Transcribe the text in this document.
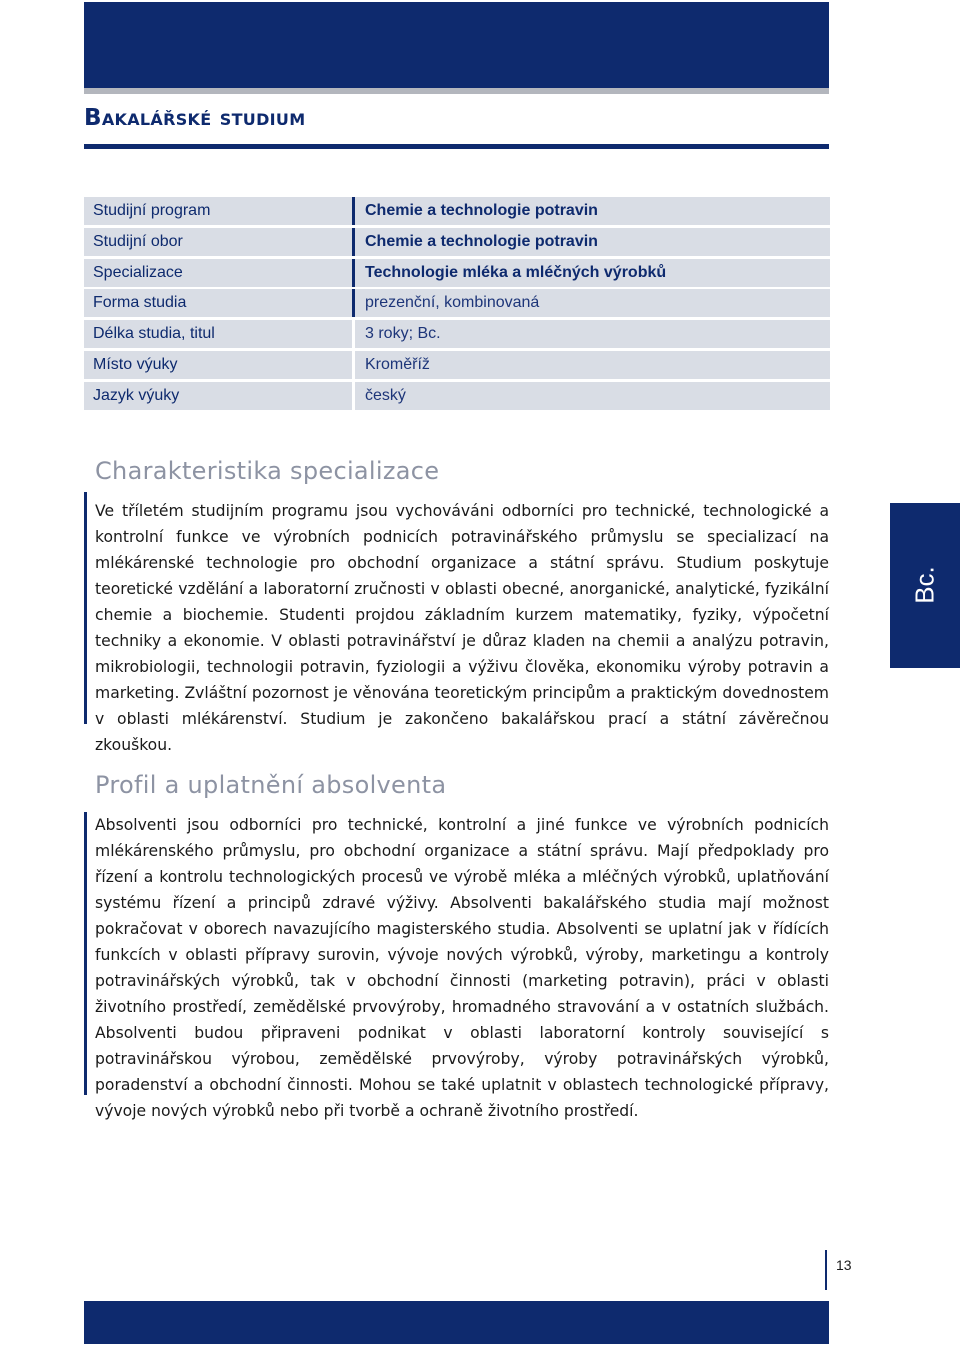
Bakalářské studium
Studijní program	Chemie a technologie potravin
Studijní obor	Chemie a technologie potravin
Specializace	Technologie mléka a mléčných výrobků
Forma studia	prezenční, kombinovaná
Délka studia, titul	3 roky; Bc.
Místo výuky	Kroměříž
Jazyk výuky	český
Charakteristika specializace
Ve tříletém studijním programu jsou vychováváni odborníci pro technické, technologické a kontrolní funkce ve výrobních podnicích potravinářského průmyslu se specializací na mlékárenské technologie pro obchodní organizace a státní správu. Studium poskytuje teoretické vzdělání a laboratorní zručnosti v oblasti obecné, anorganické, analytické, fyzikální chemie a biochemie. Studenti projdou základním kurzem matematiky, fyziky, výpočetní techniky a ekonomie. V oblasti potravinářství je důraz kladen na chemii a analýzu potravin, mikrobiologii, technologii potravin, fyziologii a výživu člověka, ekonomiku výroby potravin a marketing. Zvláštní pozornost je věnována teoretickým principům a praktickým dovednostem v oblasti mlékárenství. Studium je zakončeno bakalářskou prací a státní závěrečnou zkouškou.
Bc.
Profil a uplatnění absolventa
Absolventi jsou odborníci pro technické, kontrolní a jiné funkce ve výrobních podnicích mlékárenského průmyslu, pro obchodní organizace a státní správu. Mají předpoklady pro řízení a kontrolu technologických procesů ve výrobě mléka a mléčných výrobků, uplatňování systému řízení a principů zdravé výživy. Absolventi bakalářského studia mají možnost pokračovat v oborech navazujícího magisterského studia. Absolventi se uplatní jak v řídících funkcích v oblasti přípravy surovin, vývoje nových výrobků, výroby, marketingu a kontroly potravinářských výrobků, tak v obchodní činnosti (marketing potravin), práci v oblasti životního prostředí, zemědělské prvovýroby, hromadného stravování a v ostatních službách. Absolventi budou připraveni podnikat v oblasti laboratorní kontroly související s potravinářskou výrobou, zemědělské prvovýroby, výroby potravinářských výrobků, poradenství a obchodní činnosti. Mohou se také uplatnit v oblastech technologické přípravy, vývoje nových výrobků nebo při tvorbě a ochraně životního prostředí.
13
